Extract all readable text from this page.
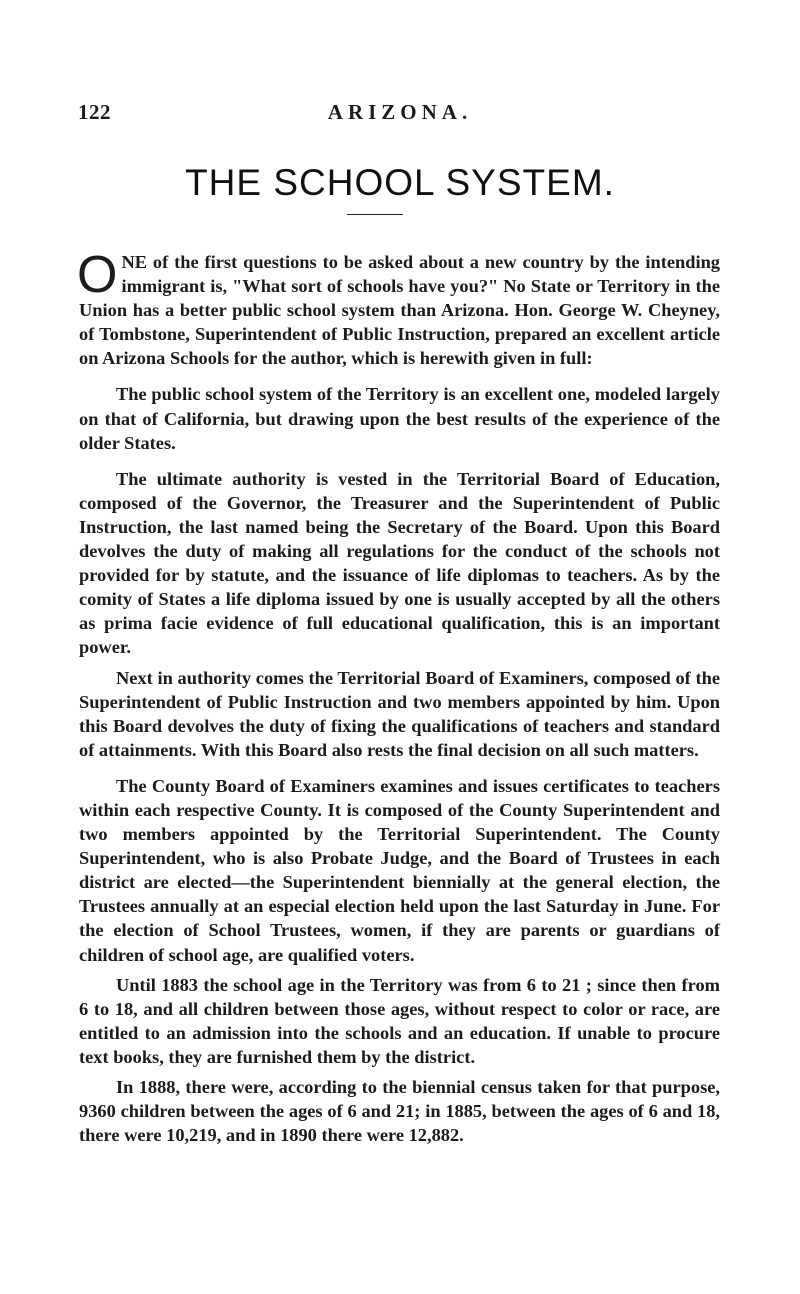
122	ARIZONA.
THE SCHOOL SYSTEM.

ONE of the first questions to be asked about a new country by the intending immigrant is, "What sort of schools have you?" No State or Territory in the Union has a better public school system than Arizona. Hon. George W. Cheyney, of Tombstone, Superintendent of Public Instruction, prepared an excellent article on Arizona Schools for the author, which is herewith given in full:

The public school system of the Territory is an excellent one, modeled largely on that of California, but drawing upon the best results of the experience of the older States.

The ultimate authority is vested in the Territorial Board of Education, composed of the Governor, the Treasurer and the Superintendent of Public Instruction, the last named being the Secretary of the Board. Upon this Board devolves the duty of making all regulations for the conduct of the schools not provided for by statute, and the issuance of life diplomas to teachers. As by the comity of States a life diploma issued by one is usually accepted by all the others as prima facie evidence of full educational qualification, this is an important power.

Next in authority comes the Territorial Board of Examiners, composed of the Superintendent of Public Instruction and two members appointed by him. Upon this Board devolves the duty of fixing the qualifications of teachers and standard of attainments. With this Board also rests the final decision on all such matters.

The County Board of Examiners examines and issues certificates to teachers within each respective County. It is composed of the County Superintendent and two members appointed by the Territorial Superintendent. The County Superintendent, who is also Probate Judge, and the Board of Trustees in each district are elected—the Superintendent biennially at the general election, the Trustees annually at an especial election held upon the last Saturday in June. For the election of School Trustees, women, if they are parents or guardians of children of school age, are qualified voters.

Until 1883 the school age in the Territory was from 6 to 21 ; since then from 6 to 18, and all children between those ages, without respect to color or race, are entitled to an admission into the schools and an education. If unable to procure text books, they are furnished them by the district.

In 1888, there were, according to the biennial census taken for that purpose, 9360 children between the ages of 6 and 21; in 1885, between the ages of 6 and 18, there were 10,219, and in 1890 there were 12,882.
